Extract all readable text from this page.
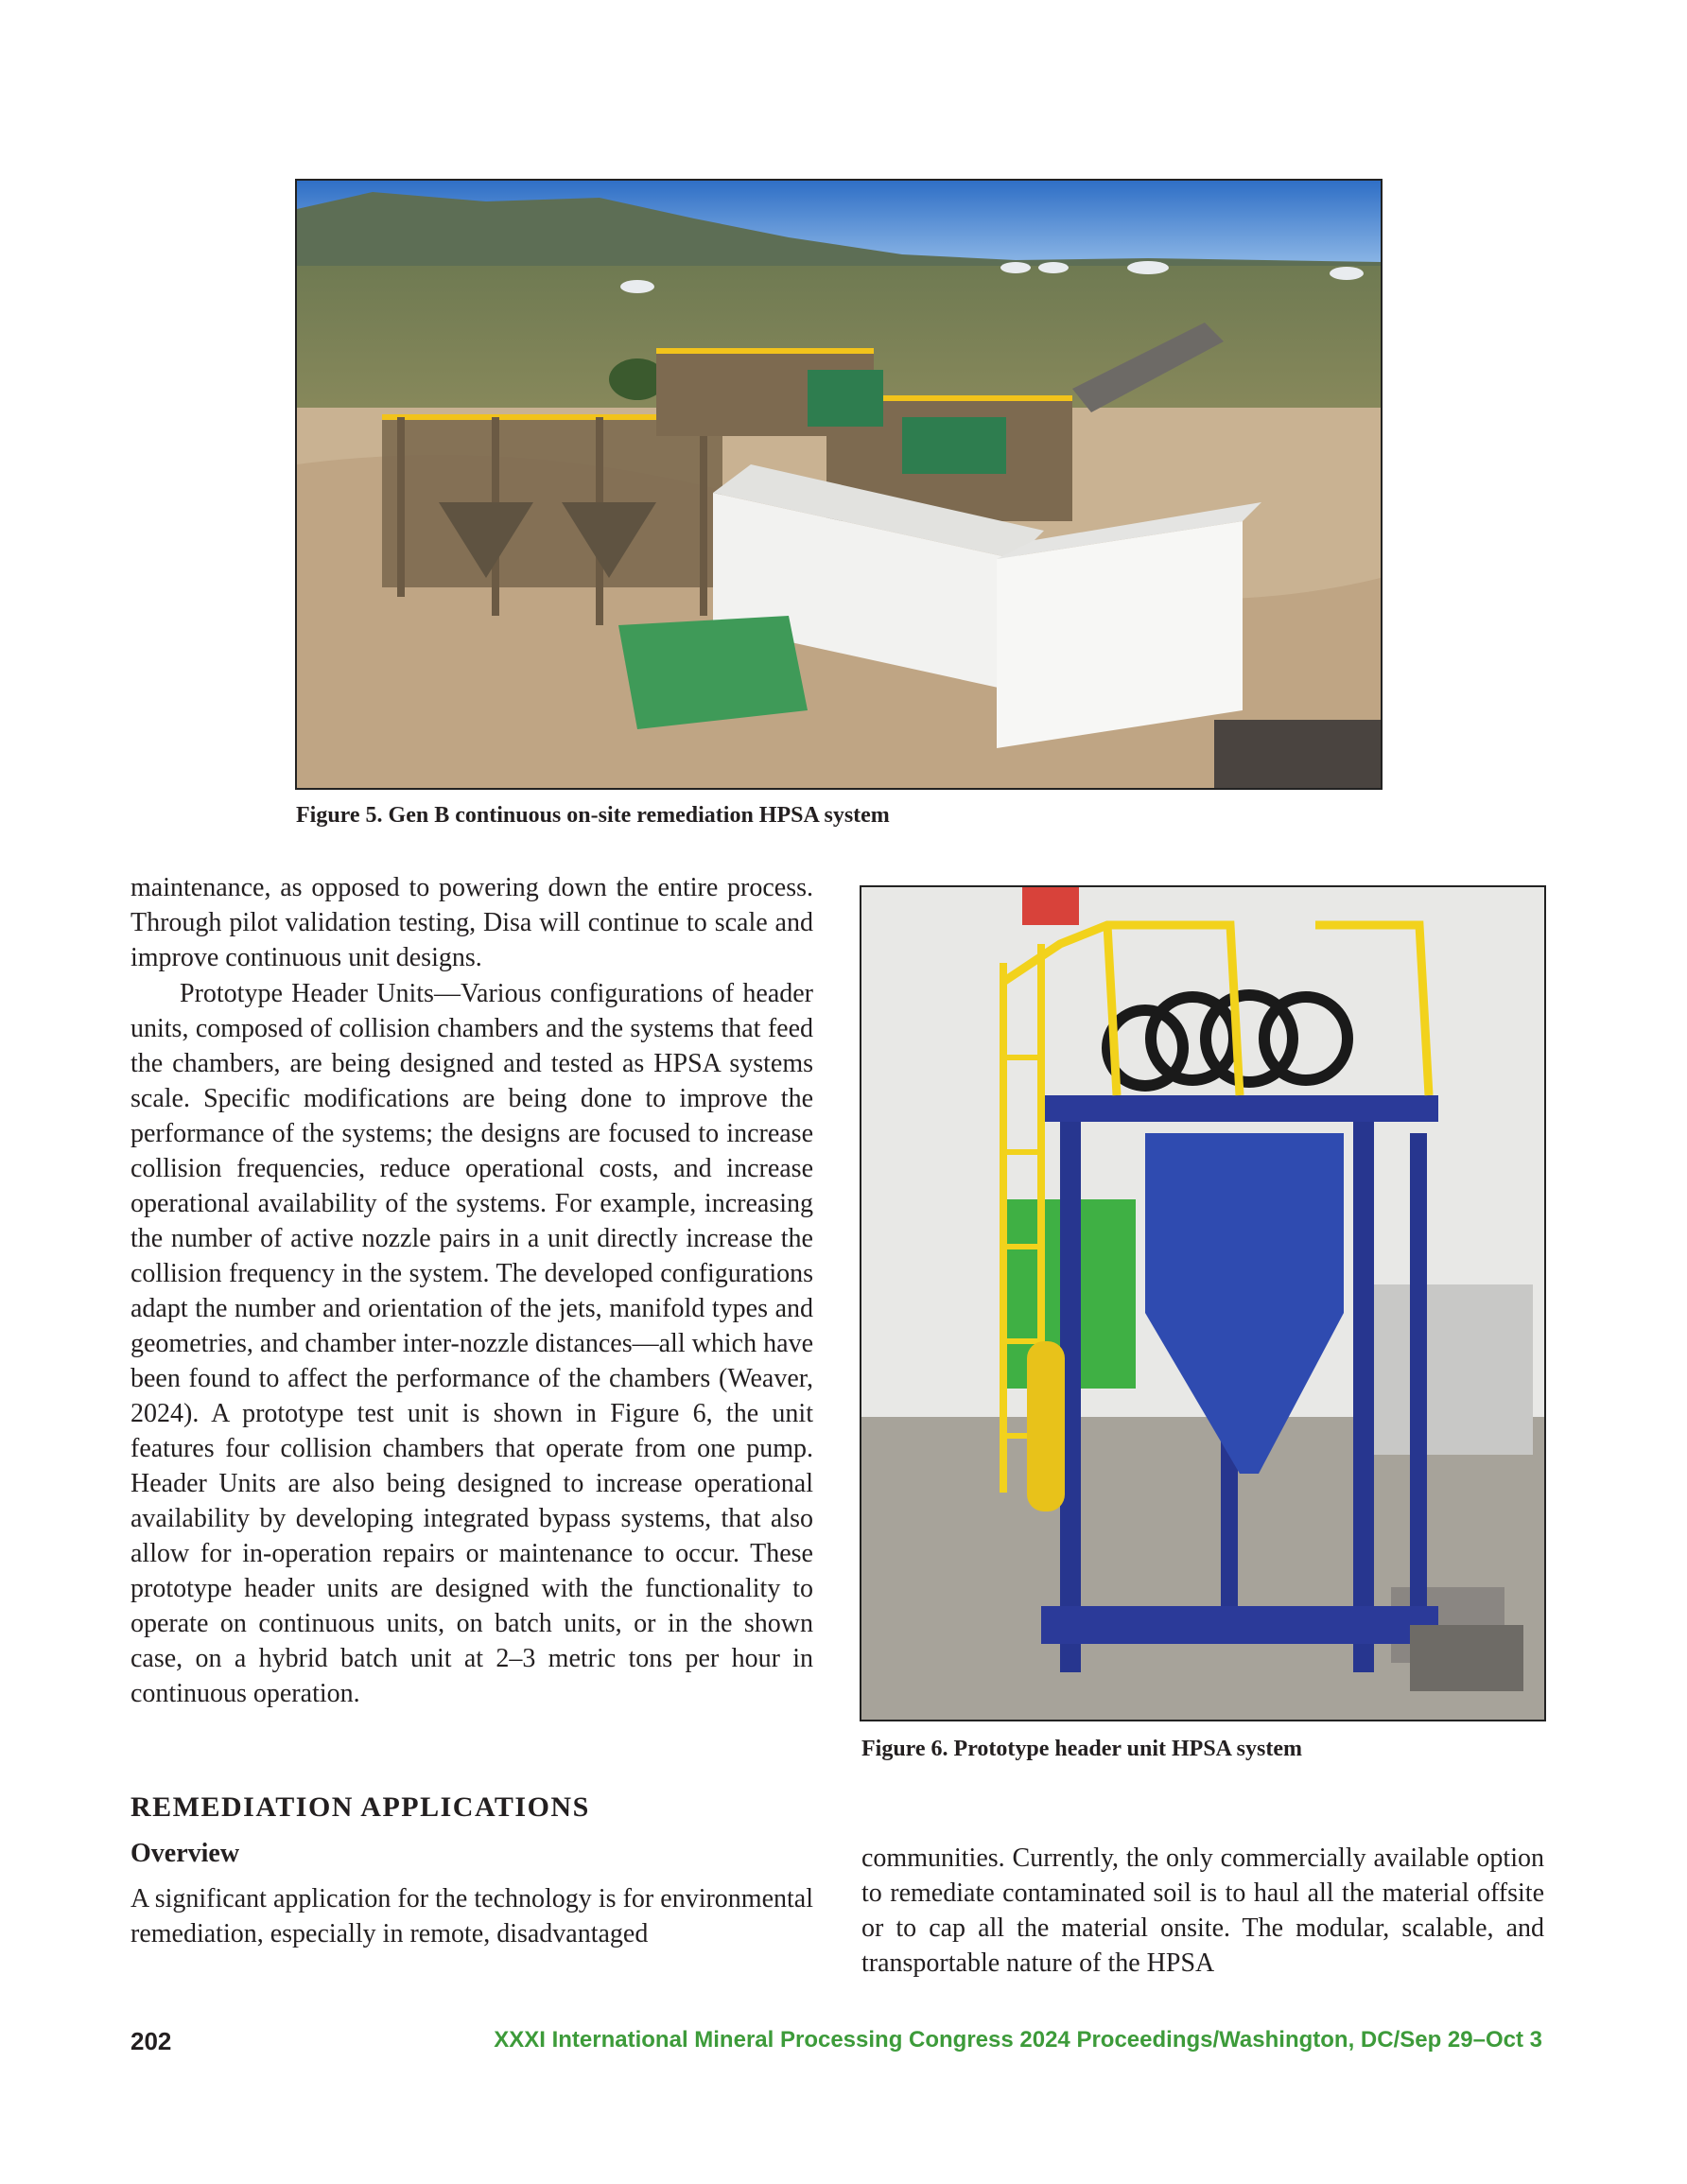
Figure 5. Gen B continuous on-site remediation HPSA system

maintenance, as opposed to powering down the entire process. Through pilot validation testing, Disa will continue to scale and improve continuous unit designs.

Prototype Header Units—Various configurations of header units, composed of collision chambers and the systems that feed the chambers, are being designed and tested as HPSA systems scale. Specific modifications are being done to improve the performance of the systems; the designs are focused to increase collision frequencies, reduce operational costs, and increase operational availability of the systems. For example, increasing the number of active nozzle pairs in a unit directly increase the collision frequency in the system. The developed configurations adapt the number and orientation of the jets, manifold types and geometries, and chamber inter-nozzle distances—all which have been found to affect the performance of the chambers (Weaver, 2024). A prototype test unit is shown in Figure 6, the unit features four collision chambers that operate from one pump. Header Units are also being designed to increase operational availability by developing integrated bypass systems, that also allow for in-operation repairs or maintenance to occur. These prototype header units are designed with the functionality to operate on continuous units, on batch units, or in the shown case, on a hybrid batch unit at 2–3 metric tons per hour in continuous operation.

Figure 6. Prototype header unit HPSA system
REMEDIATION APPLICATIONS
Overview

A significant application for the technology is for environmental remediation, especially in remote, disadvantaged

communities. Currently, the only commercially available option to remediate contaminated soil is to haul all the material offsite or to cap all the material onsite. The modular, scalable, and transportable nature of the HPSA

202	XXXI International Mineral Processing Congress 2024 Proceedings/Washington, DC/Sep 29–Oct 3
